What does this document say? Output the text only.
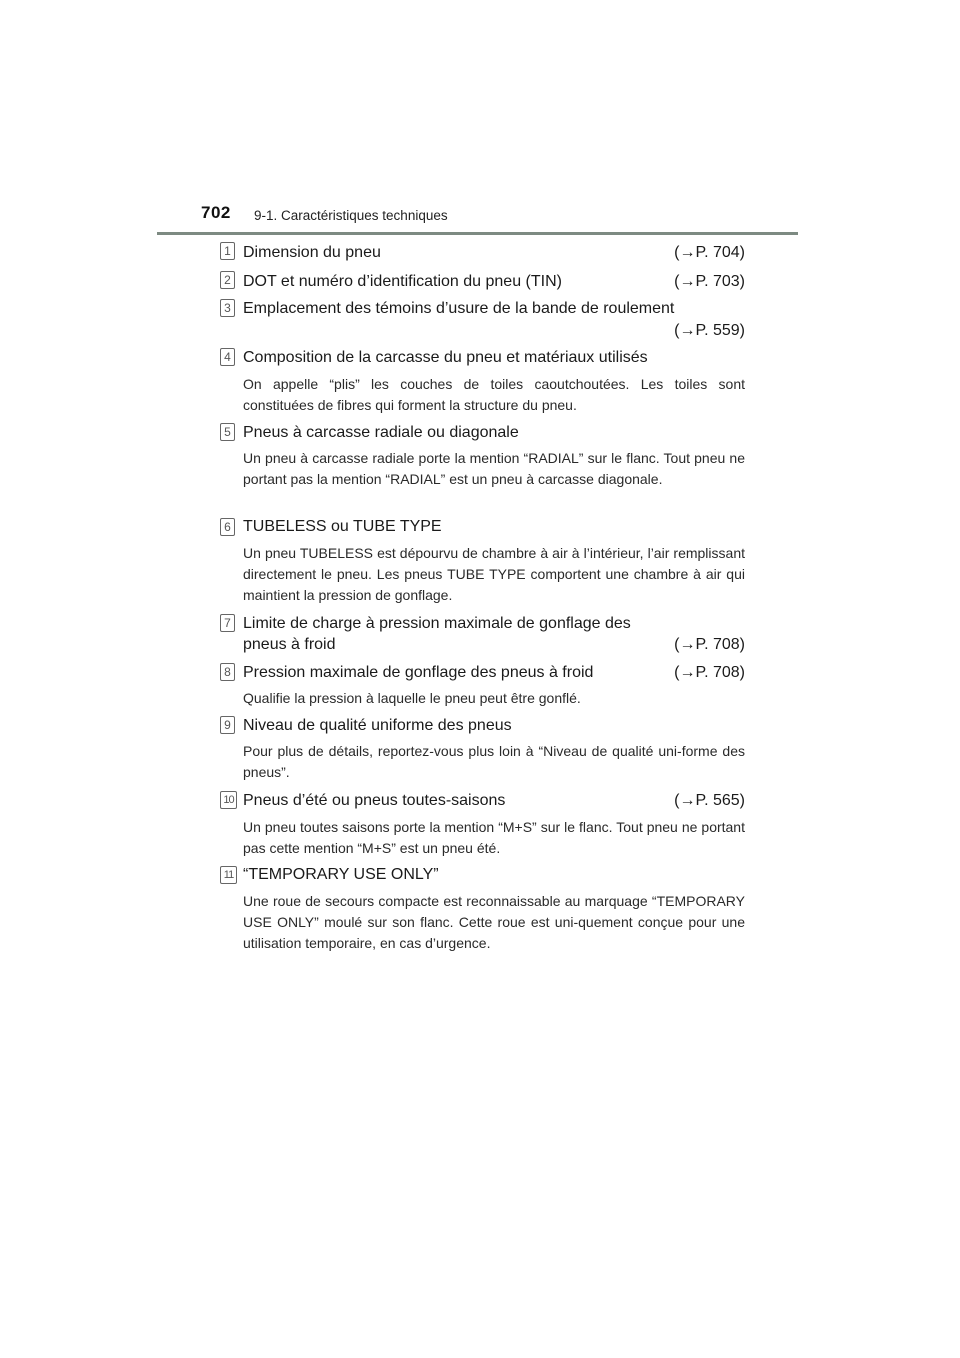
702 9-1. Caractéristiques techniques
1 Dimension du pneu	(→P. 704)
2 DOT et numéro d’identification du pneu (TIN)	(→P. 703)
3 Emplacement des témoins d’usure de la bande de roulement
(→P. 559)
4 Composition de la carcasse du pneu et matériaux utilisés
On appelle “plis” les couches de toiles caoutchoutées. Les toiles sont constituées de fibres qui forment la structure du pneu.
5 Pneus à carcasse radiale ou diagonale
Un pneu à carcasse radiale porte la mention “RADIAL” sur le flanc. Tout pneu ne portant pas la mention “RADIAL” est un pneu à carcasse diagonale.
6 TUBELESS ou TUBE TYPE
Un pneu TUBELESS est dépourvu de chambre à air à l’intérieur, l’air remplissant directement le pneu. Les pneus TUBE TYPE comportent une chambre à air qui maintient la pression de gonflage.
7 Limite de charge à pression maximale de gonflage des pneus à froid	(→P. 708)
8 Pression maximale de gonflage des pneus à froid	(→P. 708)
Qualifie la pression à laquelle le pneu peut être gonflé.
9 Niveau de qualité uniforme des pneus
Pour plus de détails, reportez-vous plus loin à “Niveau de qualité uni-forme des pneus”.
10 Pneus d’été ou pneus toutes-saisons	(→P. 565)
Un pneu toutes saisons porte la mention “M+S” sur le flanc. Tout pneu ne portant pas cette mention “M+S” est un pneu été.
11 “TEMPORARY USE ONLY”
Une roue de secours compacte est reconnaissable au marquage “TEMPORARY USE ONLY” moulé sur son flanc. Cette roue est uni-quement conçue pour une utilisation temporaire, en cas d’urgence.
